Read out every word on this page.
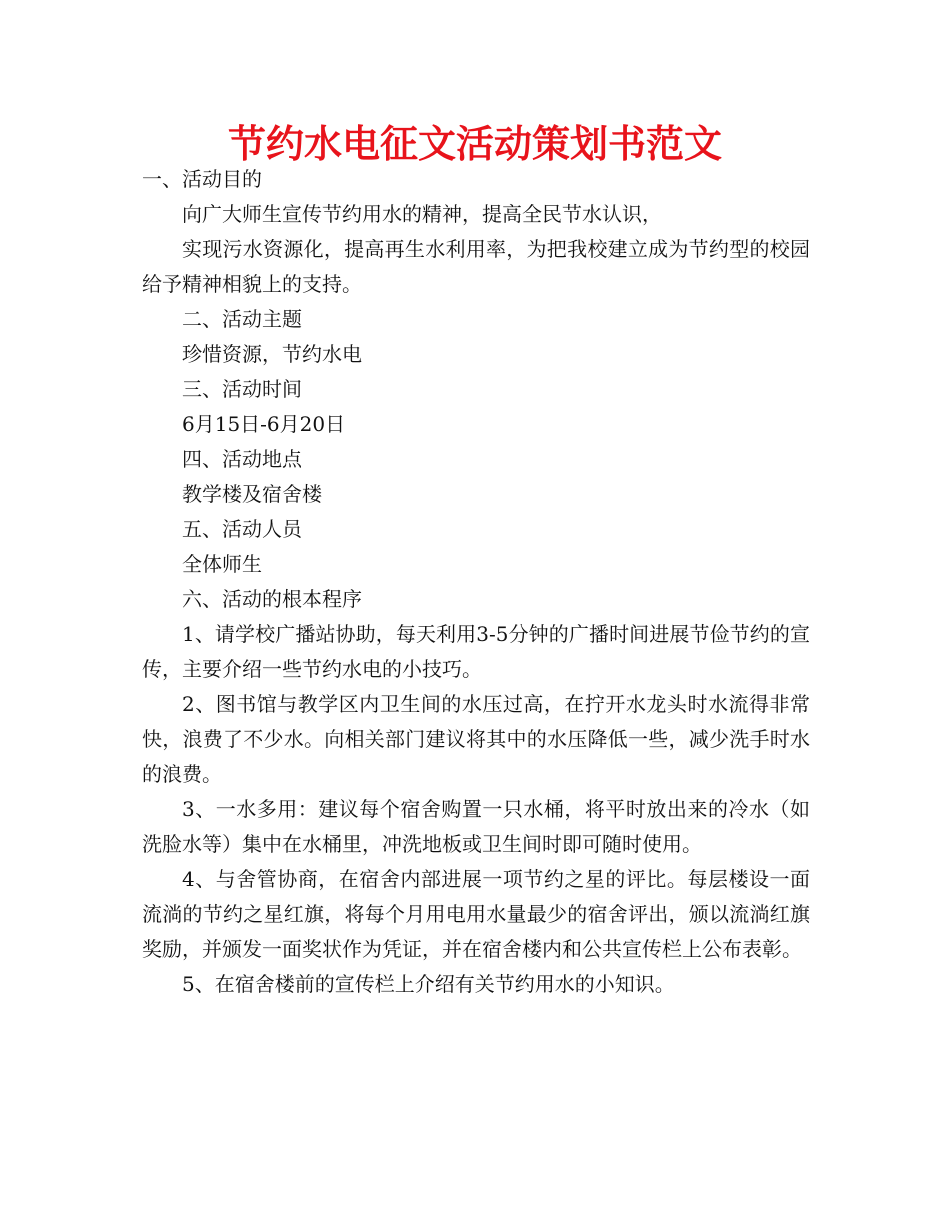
节约水电征文活动策划书范文

一、活动目的

向广大师生宣传节约用水的精神，提高全民节水认识，

实现污水资源化，提高再生水利用率，为把我校建立成为节约型的校园给予精神相貌上的支持。

二、活动主题

珍惜资源，节约水电

三、活动时间

6月15日-6月20日

四、活动地点

教学楼及宿舍楼

五、活动人员

全体师生

六、活动的根本程序

1、请学校广播站协助，每天利用3-5分钟的广播时间进展节俭节约的宣传，主要介绍一些节约水电的小技巧。

2、图书馆与教学区内卫生间的水压过高，在拧开水龙头时水流得非常快，浪费了不少水。向相关部门建议将其中的水压降低一些，减少洗手时水的浪费。

3、一水多用：建议每个宿舍购置一只水桶，将平时放出来的冷水（如洗脸水等）集中在水桶里，冲洗地板或卫生间时即可随时使用。

4、与舍管协商，在宿舍内部进展一项节约之星的评比。每层楼设一面流淌的节约之星红旗，将每个月用电用水量最少的宿舍评出，颁以流淌红旗奖励，并颁发一面奖状作为凭证，并在宿舍楼内和公共宣传栏上公布表彰。

5、在宿舍楼前的宣传栏上介绍有关节约用水的小知识。
